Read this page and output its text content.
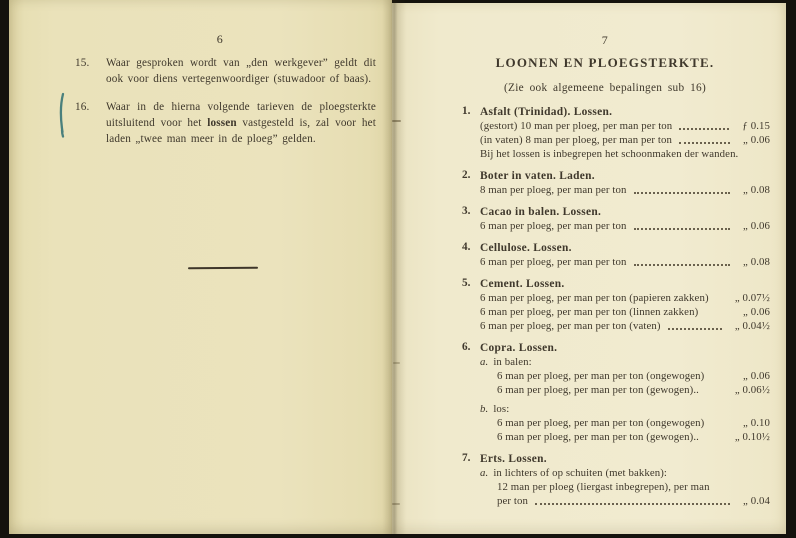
6
15. Waar gesproken wordt van „den werkgever” geldt dit ook voor diens vertegenwoordiger (stuwadoor of baas).
16. Waar in de hierna volgende tarieven de ploegsterkte uitsluitend voor het lossen vastgesteld is, zal voor het laden „twee man meer in de ploeg” gelden.
7
LOONEN EN PLOEGSTERKTE.
(Zie ook algemeene bepalingen sub 16)
1. Asfalt (Trinidad). Lossen.
(gestort) 10 man per ploeg, per man per ton	ƒ 0.15
(in vaten) 8 man per ploeg, per man per ton	„ 0.06
Bij het lossen is inbegrepen het schoonmaken der wanden.
2. Boter in vaten. Laden.
8 man per ploeg, per man per ton	„ 0.08
3. Cacao in balen. Lossen.
6 man per ploeg, per man per ton	„ 0.06
4. Cellulose. Lossen.
6 man per ploeg, per man per ton	„ 0.08
5. Cement. Lossen.
6 man per ploeg, per man per ton (papieren zakken)	„ 0.07½
6 man per ploeg, per man per ton (linnen zakken)	„ 0.06
6 man per ploeg, per man per ton (vaten)	„ 0.04½
6. Copra. Lossen.
a. in balen:
6 man per ploeg, per man per ton (ongewogen)	„ 0.06
6 man per ploeg, per man per ton (gewogen)..	„ 0.06½
b. los:
6 man per ploeg, per man per ton (ongewogen)	„ 0.10
6 man per ploeg, per man per ton (gewogen)..	„ 0.10½
7. Erts. Lossen.
a. in lichters of op schuiten (met bakken):
12 man per ploeg (liergast inbegrepen), per man
per ton	„ 0.04
